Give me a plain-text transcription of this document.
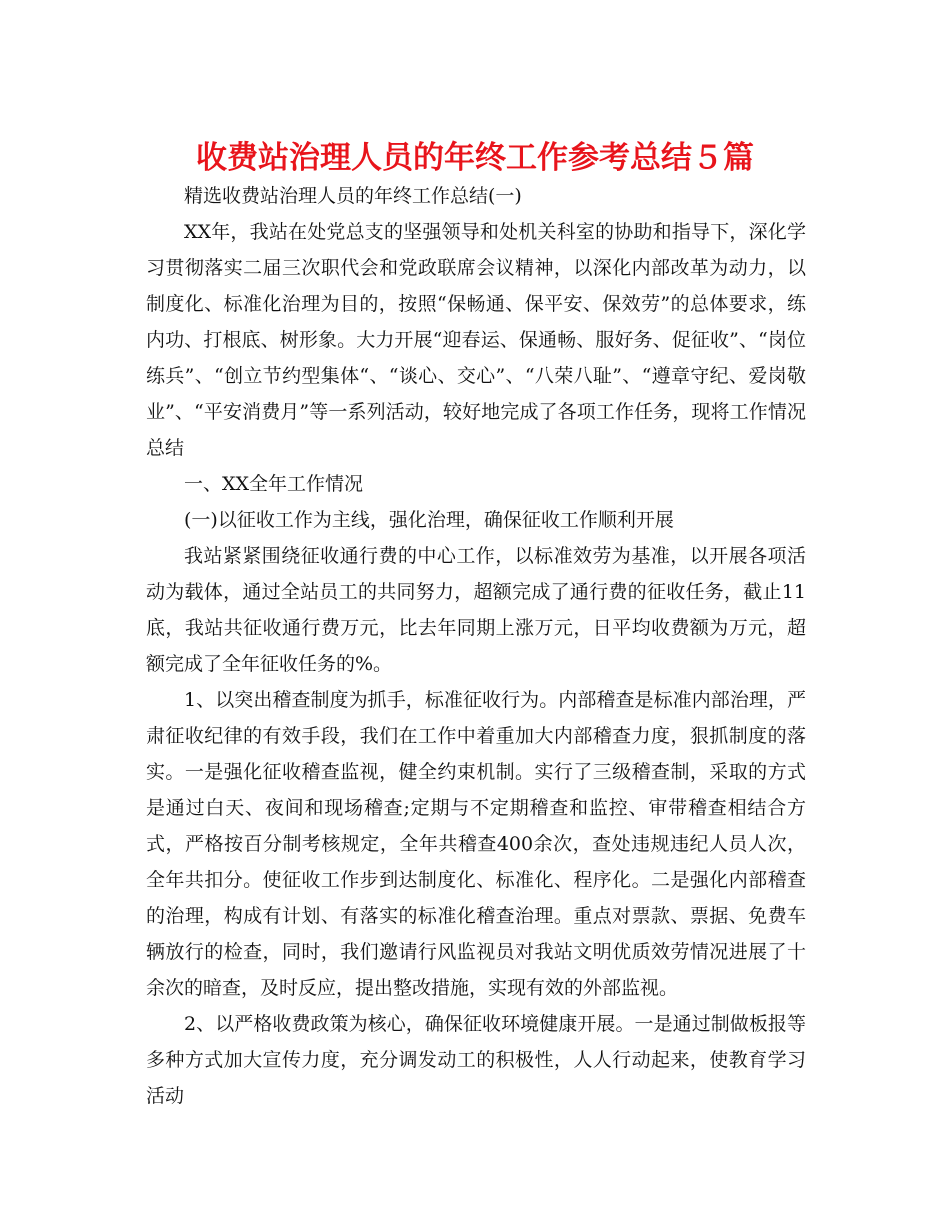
收费站治理人员的年终工作参考总结５篇

精选收费站治理人员的年终工作总结(一)

XX年，我站在处党总支的坚强领导和处机关科室的协助和指导下，深化学习贯彻落实二届三次职代会和党政联席会议精神，以深化内部改革为动力，以制度化、标准化治理为目的，按照“保畅通、保平安、保效劳”的总体要求，练内功、打根底、树形象。大力开展“迎春运、保通畅、服好务、促征收”、“岗位练兵”、“创立节约型集体“、“谈心、交心”、“八荣八耻”、“遵章守纪、爱岗敬业”、“平安消费月”等一系列活动，较好地完成了各项工作任务，现将工作情况总结

一、XX全年工作情况

(一)以征收工作为主线，强化治理，确保征收工作顺利开展

我站紧紧围绕征收通行费的中心工作，以标准效劳为基准，以开展各项活动为载体，通过全站员工的共同努力，超额完成了通行费的征收任务，截止11底，我站共征收通行费万元，比去年同期上涨万元，日平均收费额为万元，超额完成了全年征收任务的%。

1、以突出稽查制度为抓手，标准征收行为。内部稽查是标准内部治理，严肃征收纪律的有效手段，我们在工作中着重加大内部稽查力度，狠抓制度的落实。一是强化征收稽查监视，健全约束机制。实行了三级稽查制，采取的方式是通过白天、夜间和现场稽查;定期与不定期稽查和监控、审带稽查相结合方式，严格按百分制考核规定，全年共稽查400余次，查处违规违纪人员人次，全年共扣分。使征收工作步到达制度化、标准化、程序化。二是强化内部稽查的治理，构成有计划、有落实的标准化稽查治理。重点对票款、票据、免费车辆放行的检查，同时，我们邀请行风监视员对我站文明优质效劳情况进展了十余次的暗查，及时反应，提出整改措施，实现有效的外部监视。

2、以严格收费政策为核心，确保征收环境健康开展。一是通过制做板报等多种方式加大宣传力度，充分调发动工的积极性，人人行动起来，使教育学习活动
